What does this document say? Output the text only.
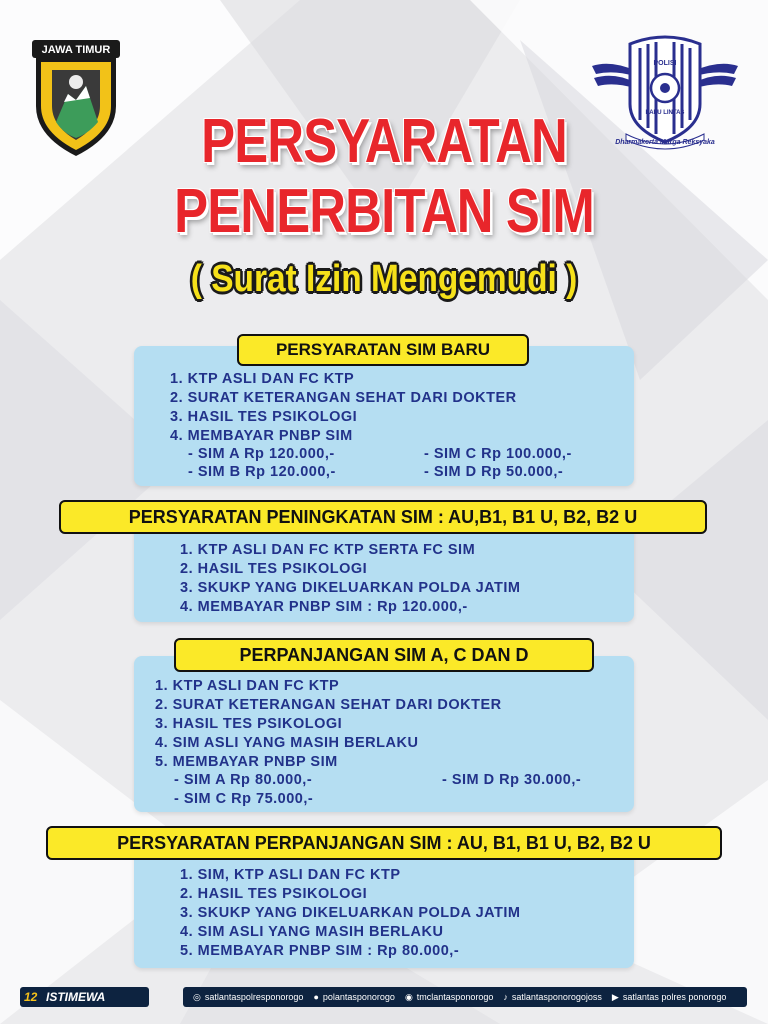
JAWA TIMUR
POLISI
LALU LINTAS
Dharmakerta Marga Reksyaka
PERSYARATAN
PENERBITAN SIM
( Surat Izin Mengemudi )
PERSYARATAN SIM BARU
1. KTP ASLI DAN FC KTP
2. SURAT KETERANGAN SEHAT DARI DOKTER
3. HASIL TES PSIKOLOGI
4. MEMBAYAR PNBP SIM
- SIM A Rp 120.000,-	- SIM C Rp 100.000,-
- SIM B Rp 120.000,-	- SIM D Rp 50.000,-
PERSYARATAN PENINGKATAN SIM : AU,B1, B1 U, B2, B2 U
1. KTP ASLI DAN FC KTP SERTA FC SIM
2. HASIL TES PSIKOLOGI
3. SKUKP YANG DIKELUARKAN POLDA JATIM
4. MEMBAYAR PNBP SIM : Rp 120.000,-
PERPANJANGAN SIM A, C DAN D
1. KTP ASLI DAN FC KTP
2. SURAT KETERANGAN SEHAT DARI DOKTER
3. HASIL TES PSIKOLOGI
4. SIM ASLI YANG MASIH BERLAKU
5. MEMBAYAR PNBP SIM
- SIM A Rp 80.000,-	- SIM D Rp 30.000,-
- SIM C Rp 75.000,-
PERSYARATAN PERPANJANGAN SIM : AU, B1, B1 U, B2, B2 U
1. SIM, KTP ASLI DAN FC KTP
2. HASIL TES PSIKOLOGI
3. SKUKP YANG DIKELUARKAN POLDA JATIM
4. SIM ASLI YANG MASIH BERLAKU
5. MEMBAYAR PNBP SIM : Rp 80.000,-
12 ISTIMEWA	◎ satlantaspolresponorogo ● polantasponorogo ◉ tmclantasponorogo ♪ satlantasponorogojoss ▶ satlantas polres ponorogo
